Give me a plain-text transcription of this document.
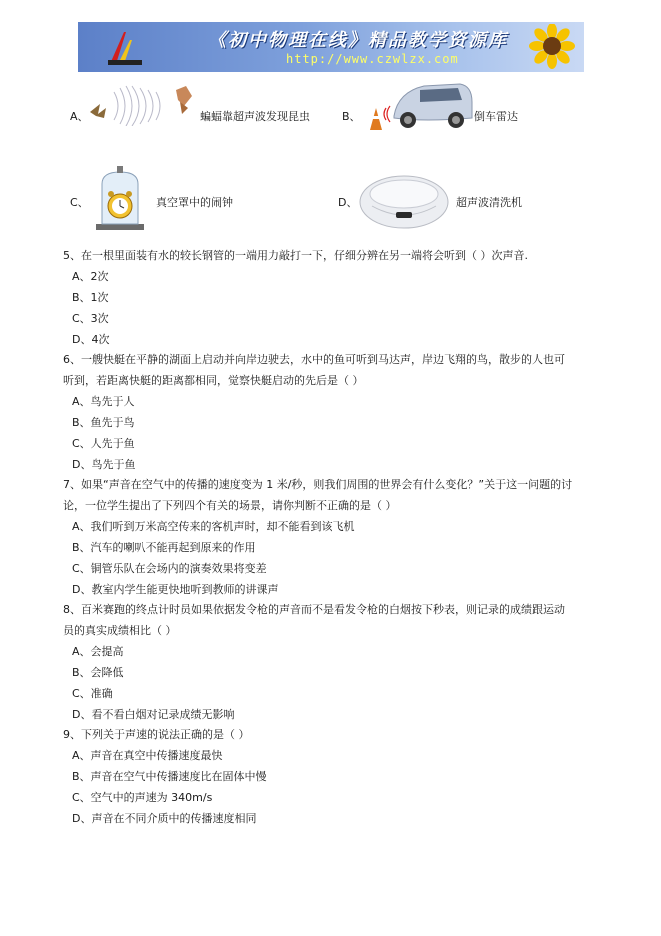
《初中物理在线》精品教学资源库
http://www.czwlzx.com
A、	蝙蝠靠超声波发现昆虫	B、	倒车雷达
C、	真空罩中的闹钟	D、	超声波清洗机
5、在一根里面装有水的较长钢管的一端用力敲打一下，仔细分辨在另一端将会听到（ ）次声音.
A、2次
B、1次
C、3次
D、4次
6、一艘快艇在平静的湖面上启动并向岸边驶去，水中的鱼可听到马达声，岸边飞翔的鸟，散步的人也可
听到，若距离快艇的距离都相同，觉察快艇启动的先后是（ ）
A、鸟先于人
B、鱼先于鸟
C、人先于鱼
D、鸟先于鱼
7、如果“声音在空气中的传播的速度变为 1 米/秒，则我们周围的世界会有什么变化？”关于这一问题的讨
论，一位学生提出了下列四个有关的场景，请你判断不正确的是（ ）
A、我们听到万米高空传来的客机声时，却不能看到该飞机
B、汽车的喇叭不能再起到原来的作用
C、铜管乐队在会场内的演奏效果将变差
D、教室内学生能更快地听到教师的讲课声
8、百米赛跑的终点计时员如果依据发令枪的声音而不是看发令枪的白烟按下秒表，则记录的成绩跟运动
员的真实成绩相比（ ）
A、会提高
B、会降低
C、准确
D、看不看白烟对记录成绩无影响
9、下列关于声速的说法正确的是（ ）
A、声音在真空中传播速度最快
B、声音在空气中传播速度比在固体中慢
C、空气中的声速为 340m/s
D、声音在不同介质中的传播速度相同
